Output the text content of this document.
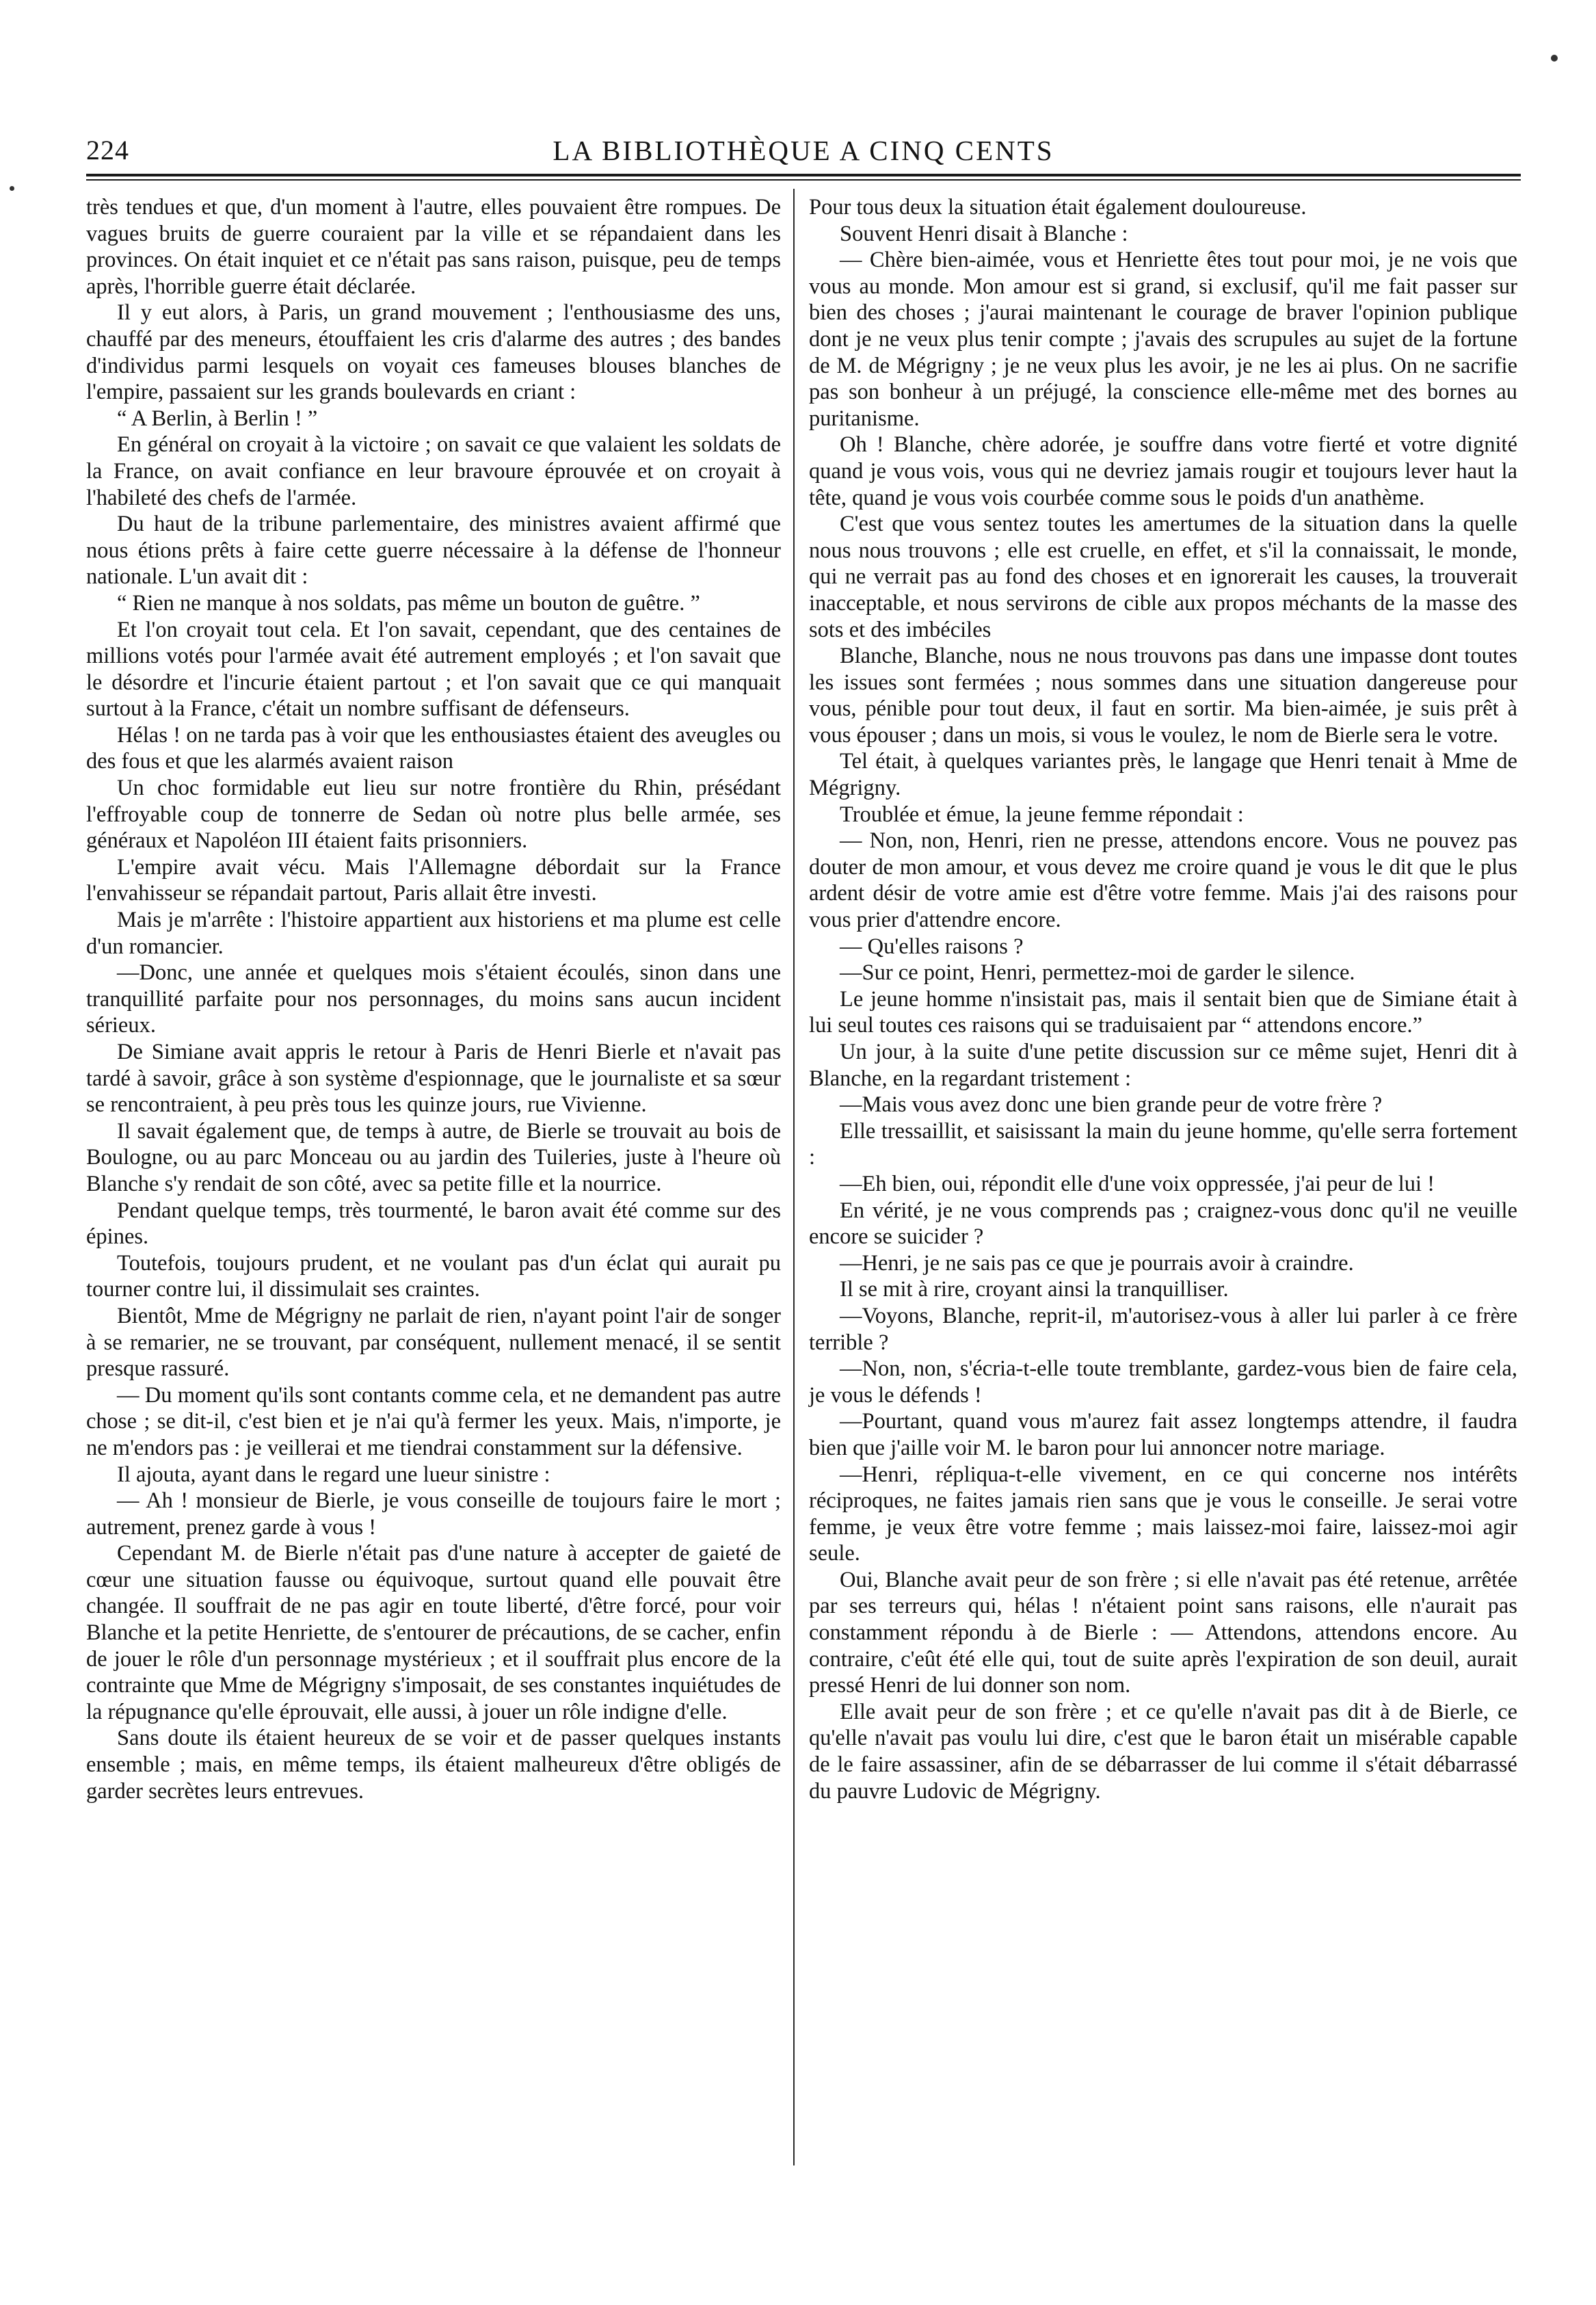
224	LA BIBLIOTHÈQUE A CINQ CENTS

très tendues et que, d'un moment à l'autre, elles pouvaient être rompues. De vagues bruits de guerre couraient par la ville et se répandaient dans les provinces. On était inquiet et ce n'était pas sans raison, puisque, peu de temps après, l'horrible guerre était déclarée.

Il y eut alors, à Paris, un grand mouvement ; l'enthousiasme des uns, chauffé par des meneurs, étouffaient les cris d'alarme des autres ; des bandes d'individus parmi lesquels on voyait ces fameuses blouses blanches de l'empire, passaient sur les grands boulevards en criant :

“ A Berlin, à Berlin ! ”

En général on croyait à la victoire ; on savait ce que valaient les soldats de la France, on avait confiance en leur bravoure éprouvée et on croyait à l'habileté des chefs de l'armée.

Du haut de la tribune parlementaire, des ministres avaient affirmé que nous étions prêts à faire cette guerre nécessaire à la défense de l'honneur nationale. L'un avait dit :

“ Rien ne manque à nos soldats, pas même un bouton de guêtre. ”

Et l'on croyait tout cela. Et l'on savait, cependant, que des centaines de millions votés pour l'armée avait été autrement employés ; et l'on savait que le désordre et l'incurie étaient partout ; et l'on savait que ce qui manquait surtout à la France, c'était un nombre suffisant de défenseurs.

Hélas ! on ne tarda pas à voir que les enthousiastes étaient des aveugles ou des fous et que les alarmés avaient raison

Un choc formidable eut lieu sur notre frontière du Rhin, présédant l'effroyable coup de tonnerre de Sedan où notre plus belle armée, ses généraux et Napoléon III étaient faits prisonniers.

L'empire avait vécu. Mais l'Allemagne débordait sur la France l'envahisseur se répandait partout, Paris allait être investi.

Mais je m'arrête : l'histoire appartient aux historiens et ma plume est celle d'un romancier.

—Donc, une année et quelques mois s'étaient écoulés, sinon dans une tranquillité parfaite pour nos personnages, du moins sans aucun incident sérieux.

De Simiane avait appris le retour à Paris de Henri Bierle et n'avait pas tardé à savoir, grâce à son système d'espionnage, que le journaliste et sa sœur se rencontraient, à peu près tous les quinze jours, rue Vivienne.

Il savait également que, de temps à autre, de Bierle se trouvait au bois de Boulogne, ou au parc Monceau ou au jardin des Tuileries, juste à l'heure où Blanche s'y rendait de son côté, avec sa petite fille et la nourrice.

Pendant quelque temps, très tourmenté, le baron avait été comme sur des épines.

Toutefois, toujours prudent, et ne voulant pas d'un éclat qui aurait pu tourner contre lui, il dissimulait ses craintes.

Bientôt, Mme de Mégrigny ne parlait de rien, n'ayant point l'air de songer à se remarier, ne se trouvant, par conséquent, nullement menacé, il se sentit presque rassuré.

— Du moment qu'ils sont contants comme cela, et ne demandent pas autre chose ; se dit-il, c'est bien et je n'ai qu'à fermer les yeux. Mais, n'importe, je ne m'endors pas : je veillerai et me tiendrai constamment sur la défensive.

Il ajouta, ayant dans le regard une lueur sinistre :

— Ah ! monsieur de Bierle, je vous conseille de toujours faire le mort ; autrement, prenez garde à vous !

Cependant M. de Bierle n'était pas d'une nature à accepter de gaieté de cœur une situation fausse ou équivoque, surtout quand elle pouvait être changée. Il souffrait de ne pas agir en toute liberté, d'être forcé, pour voir Blanche et la petite Henriette, de s'entourer de précautions, de se cacher, enfin de jouer le rôle d'un personnage mystérieux ; et il souffrait plus encore de la contrainte que Mme de Mégrigny s'imposait, de ses constantes inquiétudes de la répugnance qu'elle éprouvait, elle aussi, à jouer un rôle indigne d'elle.

Sans doute ils étaient heureux de se voir et de passer quelques instants ensemble ; mais, en même temps, ils étaient malheureux d'être obligés de garder secrètes leurs entrevues.

Pour tous deux la situation était également douloureuse.

Souvent Henri disait à Blanche :

— Chère bien-aimée, vous et Henriette êtes tout pour moi, je ne vois que vous au monde. Mon amour est si grand, si exclusif, qu'il me fait passer sur bien des choses ; j'aurai maintenant le courage de braver l'opinion publique dont je ne veux plus tenir compte ; j'avais des scrupules au sujet de la fortune de M. de Mégrigny ; je ne veux plus les avoir, je ne les ai plus. On ne sacrifie pas son bonheur à un préjugé, la conscience elle-même met des bornes au puritanisme.

Oh ! Blanche, chère adorée, je souffre dans votre fierté et votre dignité quand je vous vois, vous qui ne devriez jamais rougir et toujours lever haut la tête, quand je vous vois courbée comme sous le poids d'un anathème.

C'est que vous sentez toutes les amertumes de la situation dans la quelle nous nous trouvons ; elle est cruelle, en effet, et s'il la connaissait, le monde, qui ne verrait pas au fond des choses et en ignorerait les causes, la trouverait inacceptable, et nous servirons de cible aux propos méchants de la masse des sots et des imbéciles

Blanche, Blanche, nous ne nous trouvons pas dans une impasse dont toutes les issues sont fermées ; nous sommes dans une situation dangereuse pour vous, pénible pour tout deux, il faut en sortir. Ma bien-aimée, je suis prêt à vous épouser ; dans un mois, si vous le voulez, le nom de Bierle sera le votre.

Tel était, à quelques variantes près, le langage que Henri tenait à Mme de Mégrigny.

Troublée et émue, la jeune femme répondait :

— Non, non, Henri, rien ne presse, attendons encore. Vous ne pouvez pas douter de mon amour, et vous devez me croire quand je vous le dit que le plus ardent désir de votre amie est d'être votre femme. Mais j'ai des raisons pour vous prier d'attendre encore.

— Qu'elles raisons ?

—Sur ce point, Henri, permettez-moi de garder le silence.

Le jeune homme n'insistait pas, mais il sentait bien que de Simiane était à lui seul toutes ces raisons qui se traduisaient par “ attendons encore.”

Un jour, à la suite d'une petite discussion sur ce même sujet, Henri dit à Blanche, en la regardant tristement :

—Mais vous avez donc une bien grande peur de votre frère ?

Elle tressaillit, et saisissant la main du jeune homme, qu'elle serra fortement :

—Eh bien, oui, répondit elle d'une voix oppressée, j'ai peur de lui !

En vérité, je ne vous comprends pas ; craignez-vous donc qu'il ne veuille encore se suicider ?

—Henri, je ne sais pas ce que je pourrais avoir à craindre.

Il se mit à rire, croyant ainsi la tranquilliser.

—Voyons, Blanche, reprit-il, m'autorisez-vous à aller lui parler à ce frère terrible ?

—Non, non, s'écria-t-elle toute tremblante, gardez-vous bien de faire cela, je vous le défends !

—Pourtant, quand vous m'aurez fait assez longtemps attendre, il faudra bien que j'aille voir M. le baron pour lui annoncer notre mariage.

—Henri, répliqua-t-elle vivement, en ce qui concerne nos intérêts réciproques, ne faites jamais rien sans que je vous le conseille. Je serai votre femme, je veux être votre femme ; mais laissez-moi faire, laissez-moi agir seule.

Oui, Blanche avait peur de son frère ; si elle n'avait pas été retenue, arrêtée par ses terreurs qui, hélas ! n'étaient point sans raisons, elle n'aurait pas constamment répondu à de Bierle : — Attendons, attendons encore. Au contraire, c'eût été elle qui, tout de suite après l'expiration de son deuil, aurait pressé Henri de lui donner son nom.

Elle avait peur de son frère ; et ce qu'elle n'avait pas dit à de Bierle, ce qu'elle n'avait pas voulu lui dire, c'est que le baron était un misérable capable de le faire assassiner, afin de se débarrasser de lui comme il s'était débarrassé du pauvre Ludovic de Mégrigny.
